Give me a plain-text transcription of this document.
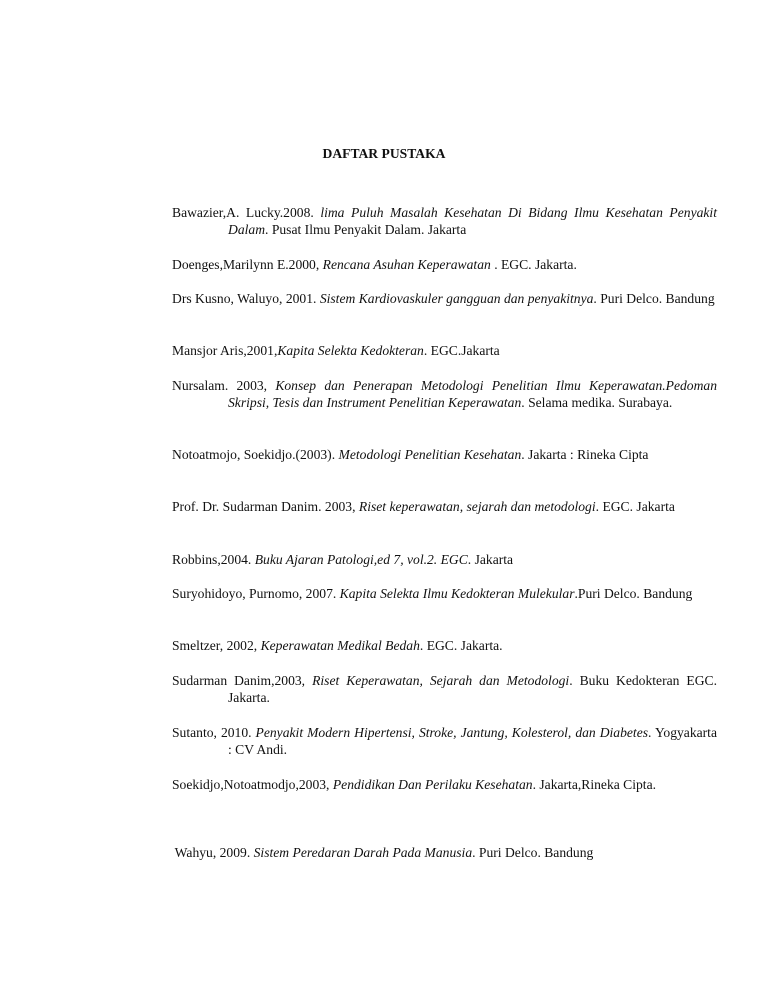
DAFTAR PUSTAKA

Bawazier,A. Lucky.2008. lima Puluh Masalah Kesehatan Di Bidang Ilmu Kesehatan Penyakit Dalam. Pusat Ilmu Penyakit Dalam. Jakarta

Doenges,Marilynn E.2000, Rencana Asuhan Keperawatan . EGC. Jakarta.

Drs Kusno, Waluyo, 2001. Sistem Kardiovaskuler gangguan dan penyakitnya. Puri Delco. Bandung

Mansjor Aris,2001,Kapita Selekta Kedokteran. EGC.Jakarta

Nursalam. 2003, Konsep dan Penerapan Metodologi Penelitian Ilmu Keperawatan.Pedoman Skripsi, Tesis dan Instrument Penelitian Keperawatan. Selama medika. Surabaya.

Notoatmojo, Soekidjo.(2003). Metodologi Penelitian Kesehatan. Jakarta : Rineka Cipta

Prof. Dr. Sudarman Danim. 2003, Riset keperawatan, sejarah dan metodologi. EGC. Jakarta

Robbins,2004. Buku Ajaran Patologi,ed 7, vol.2. EGC. Jakarta

Suryohidoyo, Purnomo, 2007. Kapita Selekta Ilmu Kedokteran Mulekular.Puri Delco. Bandung

Smeltzer, 2002, Keperawatan Medikal Bedah. EGC. Jakarta.

Sudarman Danim,2003, Riset Keperawatan, Sejarah dan Metodologi. Buku Kedokteran EGC. Jakarta.

Sutanto, 2010. Penyakit Modern Hipertensi, Stroke, Jantung, Kolesterol, dan Diabetes. Yogyakarta : CV Andi.

Soekidjo,Notoatmodjo,2003, Pendidikan Dan Perilaku Kesehatan. Jakarta,Rineka Cipta.

Wahyu, 2009. Sistem Peredaran Darah Pada Manusia. Puri Delco. Bandung
